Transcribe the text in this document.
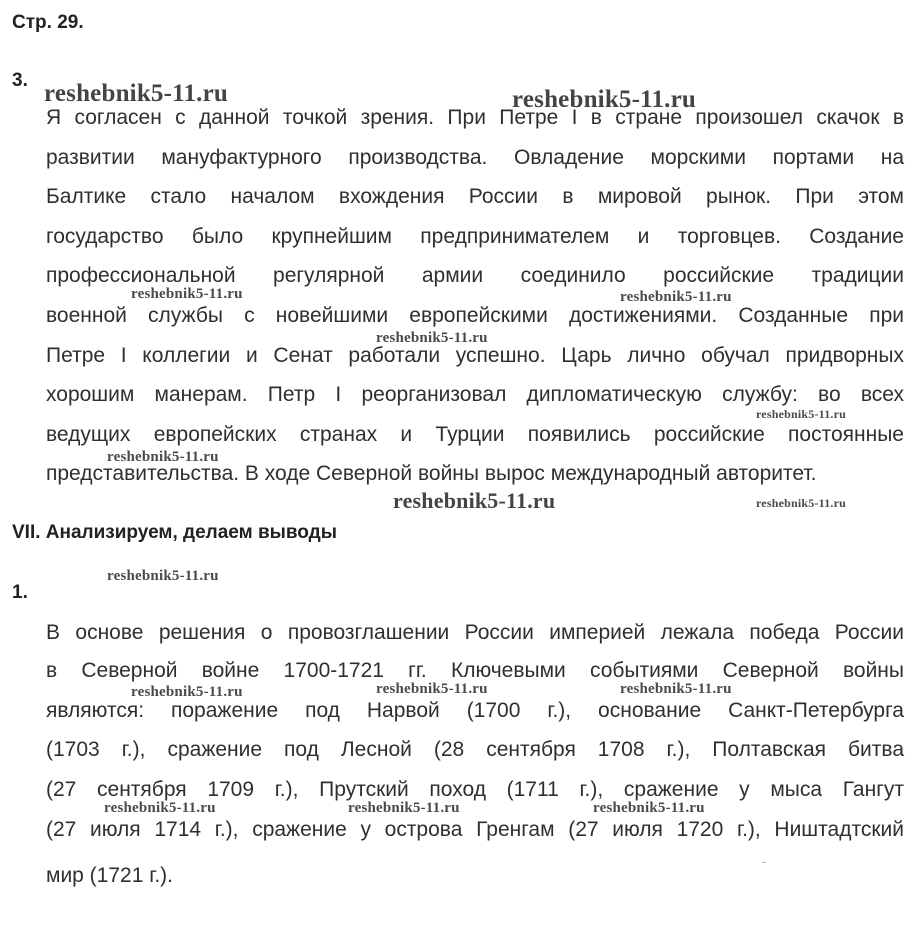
Стр. 29.
3.
Я согласен с данной точкой зрения. При Петре I в стране произошел скачок в
развитии мануфактурного производства. Овладение морскими портами на
Балтике стало началом вхождения России в мировой рынок. При этом
государство было крупнейшим предпринимателем и торговцев. Создание
профессиональной регулярной армии соединило российские традиции
военной службы с новейшими европейскими достижениями. Созданные при
Петре I коллегии и Сенат работали успешно. Царь лично обучал придворных
хорошим манерам. Петр I реорганизовал дипломатическую службу: во всех
ведущих европейских странах и Турции появились российские постоянные
представительства. В ходе Северной войны вырос международный авторитет.
VII. Анализируем, делаем выводы
1.
В основе решения о провозглашении России империей лежала победа России
в Северной войне 1700-1721 гг. Ключевыми событиями Северной войны
являются: поражение под Нарвой (1700 г.), основание Санкт-Петербурга
(1703 г.), сражение под Лесной (28 сентября 1708 г.), Полтавская битва
(27 сентября 1709 г.), Прутский поход (1711 г.), сражение у мыса Гангут
(27 июля 1714 г.), сражение у острова Гренгам (27 июля 1720 г.), Ништадтский
мир (1721 г.).
reshebnik5-11.ru	reshebnik5-11.ru
reshebnik5-11.ru	reshebnik5-11.ru
reshebnik5-11.ru
reshebnik5-11.ru
reshebnik5-11.ru
reshebnik5-11.ru	reshebnik5-11.ru
reshebnik5-11.ru
reshebnik5-11.ru	reshebnik5-11.ru	reshebnik5-11.ru
reshebnik5-11.ru	reshebnik5-11.ru	reshebnik5-11.ru
